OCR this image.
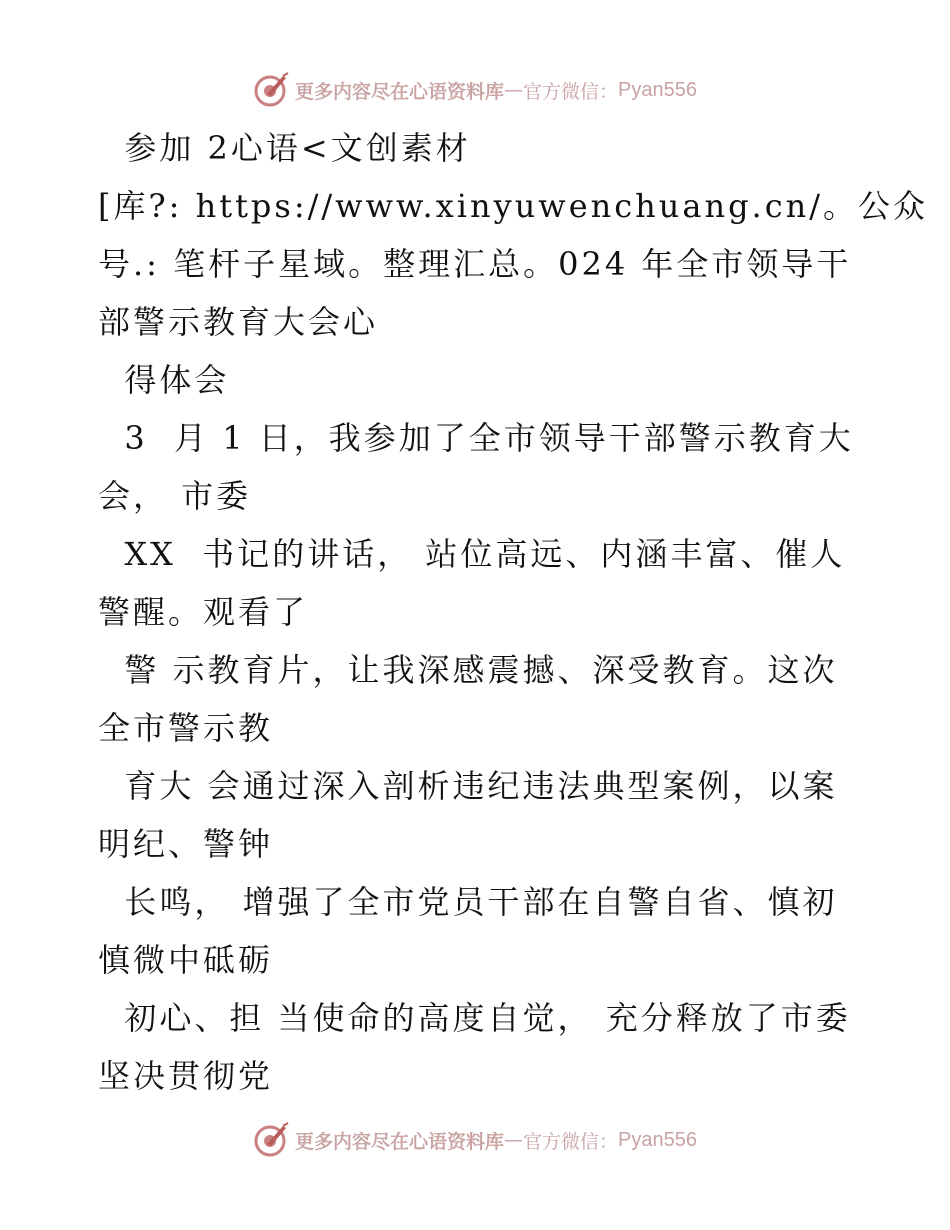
更多内容尽在心语资料库 — 官方微信： Pyan556
参加 2心语<文创素材
[库?: https://www.xinyuwenchuang.cn/。公众
号.: 笔杆子星域。整理汇总。024 年全市领导干
部警示教育大会心
得体会
3  月 1 日，我参加了全市领导干部警示教育大
会， 市委
XX  书记的讲话， 站位高远、内涵丰富、催人
警醒。观看了
警 示教育片，让我深感震撼、深受教育。这次
全市警示教
育大 会通过深入剖析违纪违法典型案例，以案
明纪、警钟
长鸣， 增强了全市党员干部在自警自省、慎初
慎微中砥砺
初心、担 当使命的高度自觉， 充分释放了市委
坚决贯彻党
更多内容尽在心语资料库 — 官方微信： Pyan556
